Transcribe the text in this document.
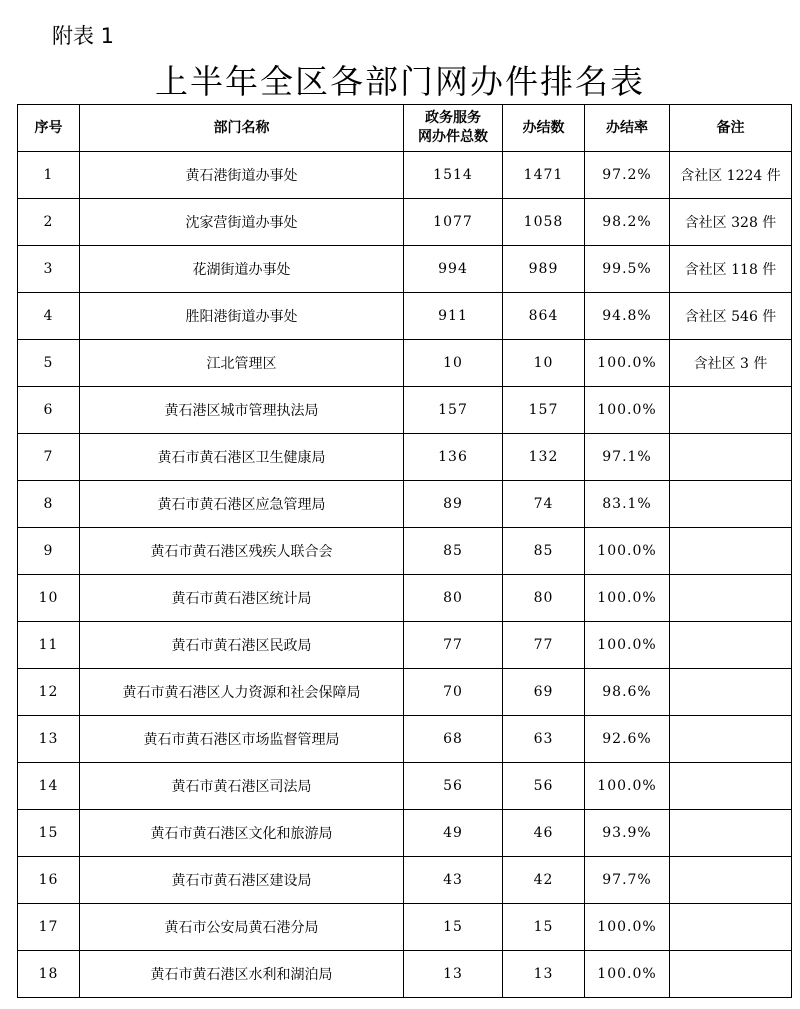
附表 1
上半年全区各部门网办件排名表
序号	部门名称	政务服务
网办件总数	办结数	办结率	备注
1	黄石港街道办事处	1514	1471	97.2%	含社区 1224 件
2	沈家营街道办事处	1077	1058	98.2%	含社区 328 件
3	花湖街道办事处	994	989	99.5%	含社区 118 件
4	胜阳港街道办事处	911	864	94.8%	含社区 546 件
5	江北管理区	10	10	100.0%	含社区 3 件
6	黄石港区城市管理执法局	157	157	100.0%	
7	黄石市黄石港区卫生健康局	136	132	97.1%	
8	黄石市黄石港区应急管理局	89	74	83.1%	
9	黄石市黄石港区残疾人联合会	85	85	100.0%	
10	黄石市黄石港区统计局	80	80	100.0%	
11	黄石市黄石港区民政局	77	77	100.0%	
12	黄石市黄石港区人力资源和社会保障局	70	69	98.6%	
13	黄石市黄石港区市场监督管理局	68	63	92.6%	
14	黄石市黄石港区司法局	56	56	100.0%	
15	黄石市黄石港区文化和旅游局	49	46	93.9%	
16	黄石市黄石港区建设局	43	42	97.7%	
17	黄石市公安局黄石港分局	15	15	100.0%	
18	黄石市黄石港区水利和湖泊局	13	13	100.0%	
